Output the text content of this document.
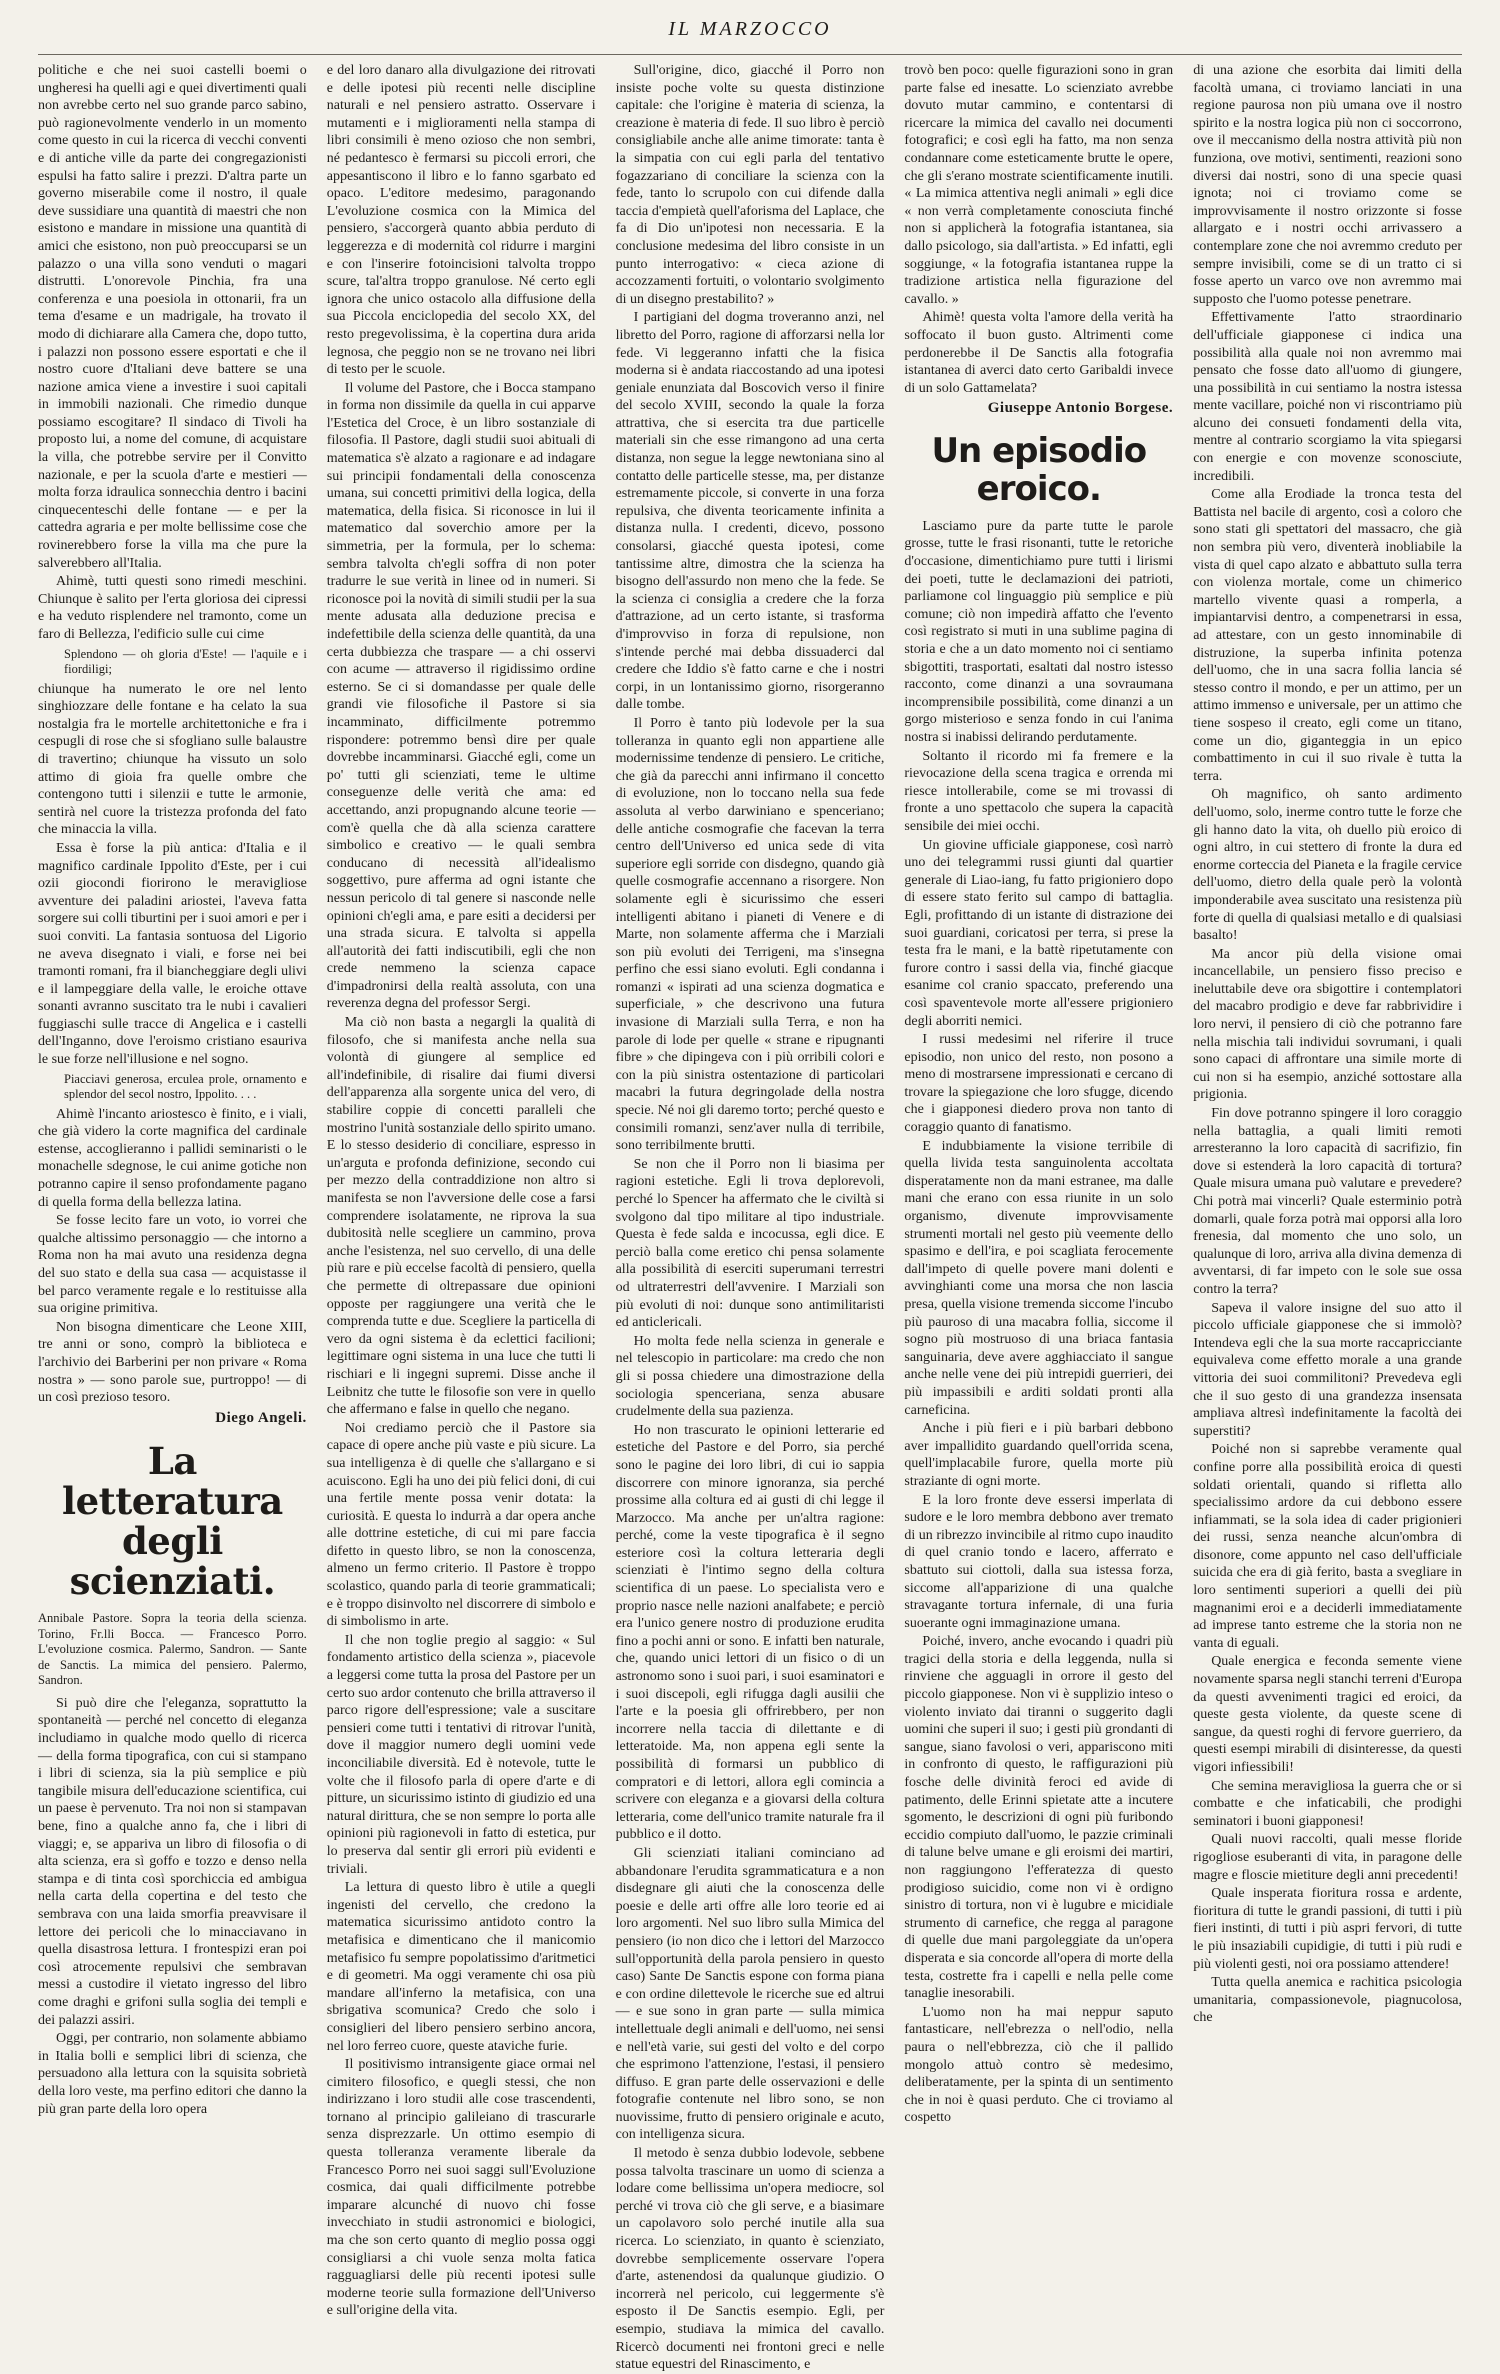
IL MARZOCCO

politiche e che nei suoi castelli boemi o ungheresi ha quelli agi e quei divertimenti quali non avrebbe certo nel suo grande parco sabino, può ragionevolmente venderlo in un momento come questo in cui la ricerca di vecchi conventi e di antiche ville da parte dei congregazionisti espulsi ha fatto salire i prezzi. D'altra parte un governo miserabile come il nostro, il quale deve sussidiare una quantità di maestri che non esistono e mandare in missione una quantità di amici che esistono, non può preoccuparsi se un palazzo o una villa sono venduti o magari distrutti. L'onorevole Pinchia, fra una conferenza e una poesiola in ottonarii, fra un tema d'esame e un madrigale, ha trovato il modo di dichiarare alla Camera che, dopo tutto, i palazzi non possono essere esportati e che il nostro cuore d'Italiani deve battere se una nazione amica viene a investire i suoi capitali in immobili nazionali. Che rimedio dunque possiamo escogitare? Il sindaco di Tivoli ha proposto lui, a nome del comune, di acquistare la villa, che potrebbe servire per il Convitto nazionale, e per la scuola d'arte e mestieri — molta forza idraulica sonnecchia dentro i bacini cinquecenteschi delle fontane — e per la cattedra agraria e per molte bellissime cose che rovinerebbero forse la villa ma che pure la salverebbero all'Italia.

Ahimè, tutti questi sono rimedi meschini. Chiunque è salito per l'erta gloriosa dei cipressi e ha veduto risplendere nel tramonto, come un faro di Bellezza, l'edificio sulle cui cime

Splendono — oh gloria d'Este! — l'aquile e i fiordiligi;

chiunque ha numerato le ore nel lento singhiozzare delle fontane e ha celato la sua nostalgia fra le mortelle architettoniche e fra i cespugli di rose che si sfogliano sulle balaustre di travertino; chiunque ha vissuto un solo attimo di gioia fra quelle ombre che contengono tutti i silenzii e tutte le armonie, sentirà nel cuore la tristezza profonda del fato che minaccia la villa.

Essa è forse la più antica: d'Italia e il magnifico cardinale Ippolito d'Este, per i cui ozii giocondi fiorirono le meravigliose avventure dei paladini ariostei, l'aveva fatta sorgere sui colli tiburtini per i suoi amori e per i suoi conviti. La fantasia sontuosa del Ligorio ne aveva disegnato i viali, e forse nei bei tramonti romani, fra il biancheggiare degli ulivi e il lampeggiare della valle, le eroiche ottave sonanti avranno suscitato tra le nubi i cavalieri fuggiaschi sulle tracce di Angelica e i castelli dell'Inganno, dove l'eroismo cristiano esauriva le sue forze nell'illusione e nel sogno.

Piacciavi generosa, erculea prole, ornamento e splendor del secol nostro, Ippolito. . . .

Ahimè l'incanto ariostesco è finito, e i viali, che già videro la corte magnifica del cardinale estense, accoglieranno i pallidi seminaristi o le monachelle sdegnose, le cui anime gotiche non potranno capire il senso profondamente pagano di quella forma della bellezza latina.

Se fosse lecito fare un voto, io vorrei che qualche altissimo personaggio — che intorno a Roma non ha mai avuto una residenza degna del suo stato e della sua casa — acquistasse il bel parco veramente regale e lo restituisse alla sua origine primitiva.

Non bisogna dimenticare che Leone XIII, tre anni or sono, comprò la biblioteca e l'archivio dei Barberini per non privare « Roma nostra » — sono parole sue, purtroppo! — di un così prezioso tesoro.

Diego Angeli.

La letteratura degli scienziati.

Annibale Pastore. Sopra la teoria della scienza. Torino, Fr.lli Bocca. — Francesco Porro. L'evoluzione cosmica. Palermo, Sandron. — Sante de Sanctis. La mimica del pensiero. Palermo, Sandron.

Si può dire che l'eleganza, soprattutto la spontaneità — perché nel concetto di eleganza includiamo in qualche modo quello di ricerca — della forma tipografica, con cui si stampano i libri di scienza, sia la più semplice e più tangibile misura dell'educazione scientifica, cui un paese è pervenuto. Tra noi non si stampavan bene, fino a qualche anno fa, che i libri di viaggi; e, se appariva un libro di filosofia o di alta scienza, era sì goffo e tozzo e denso nella stampa e di tinta così sporchiccia ed ambigua nella carta della copertina e del testo che sembrava con una laida smorfia preavvisare il lettore dei pericoli che lo minacciavano in quella disastrosa lettura. I frontespizi eran poi così atrocemente repulsivi che sembravan messi a custodire il vietato ingresso del libro come draghi e grifoni sulla soglia dei templi e dei palazzi assiri.

Oggi, per contrario, non solamente abbiamo in Italia bolli e semplici libri di scienza, che persuadono alla lettura con la squisita sobrietà della loro veste, ma perfino editori che danno la più gran parte della loro opera

e del loro danaro alla divulgazione dei ritrovati e delle ipotesi più recenti nelle discipline naturali e nel pensiero astratto. Osservare i mutamenti e i miglioramenti nella stampa di libri consimili è meno ozioso che non sembri, né pedantesco è fermarsi su piccoli errori, che appesantiscono il libro e lo fanno sgarbato ed opaco. L'editore medesimo, paragonando L'evoluzione cosmica con la Mimica del pensiero, s'accorgerà quanto abbia perduto di leggerezza e di modernità col ridurre i margini e con l'inserire fotoincisioni talvolta troppo scure, tal'altra troppo granulose. Né certo egli ignora che unico ostacolo alla diffusione della sua Piccola enciclopedia del secolo XX, del resto pregevolissima, è la copertina dura arida legnosa, che peggio non se ne trovano nei libri di testo per le scuole.

Il volume del Pastore, che i Bocca stampano in forma non dissimile da quella in cui apparve l'Estetica del Croce, è un libro sostanziale di filosofia. Il Pastore, dagli studii suoi abituali di matematica s'è alzato a ragionare e ad indagare sui principii fondamentali della conoscenza umana, sui concetti primitivi della logica, della matematica, della fisica. Si riconosce in lui il matematico dal soverchio amore per la simmetria, per la formula, per lo schema: sembra talvolta ch'egli soffra di non poter tradurre le sue verità in linee od in numeri. Si riconosce poi la novità di simili studii per la sua mente adusata alla deduzione precisa e indefettibile della scienza delle quantità, da una certa dubbiezza che traspare — a chi osservi con acume — attraverso il rigidissimo ordine esterno. Se ci si domandasse per quale delle grandi vie filosofiche il Pastore si sia incamminato, difficilmente potremmo rispondere: potremmo bensì dire per quale dovrebbe incamminarsi. Giacché egli, come un po' tutti gli scienziati, teme le ultime conseguenze delle verità che ama: ed accettando, anzi propugnando alcune teorie — com'è quella che dà alla scienza carattere simbolico e creativo — le quali sembra conducano di necessità all'idealismo soggettivo, pure afferma ad ogni istante che nessun pericolo di tal genere si nasconde nelle opinioni ch'egli ama, e pare esiti a decidersi per una strada sicura. E talvolta si appella all'autorità dei fatti indiscutibili, egli che non crede nemmeno la scienza capace d'impadronirsi della realtà assoluta, con una reverenza degna del professor Sergi.

Ma ciò non basta a negargli la qualità di filosofo, che si manifesta anche nella sua volontà di giungere al semplice ed all'indefinibile, di risalire dai fiumi diversi dell'apparenza alla sorgente unica del vero, di stabilire coppie di concetti paralleli che mostrino l'unità sostanziale dello spirito umano. E lo stesso desiderio di conciliare, espresso in un'arguta e profonda definizione, secondo cui per mezzo della contraddizione non altro si manifesta se non l'avversione delle cose a farsi comprendere isolatamente, ne riprova la sua dubitosità nelle scegliere un cammino, prova anche l'esistenza, nel suo cervello, di una delle più rare e più eccelse facoltà di pensiero, quella che permette di oltrepassare due opinioni opposte per raggiungere una verità che le comprenda tutte e due. Scegliere la particella di vero da ogni sistema è da eclettici facilioni; legittimare ogni sistema in una luce che tutti li rischiari e li ingegni supremi. Disse anche il Leibnitz che tutte le filosofie son vere in quello che affermano e false in quello che negano.

Noi crediamo perciò che il Pastore sia capace di opere anche più vaste e più sicure. La sua intelligenza è di quelle che s'allargano e si acuiscono. Egli ha uno dei più felici doni, di cui una fertile mente possa venir dotata: la curiosità. E questa lo indurrà a dar opera anche alle dottrine estetiche, di cui mi pare faccia difetto in questo libro, se non la conoscenza, almeno un fermo criterio. Il Pastore è troppo scolastico, quando parla di teorie grammaticali; e è troppo disinvolto nel discorrere di simbolo e di simbolismo in arte.

Il che non toglie pregio al saggio: « Sul fondamento artistico della scienza », piacevole a leggersi come tutta la prosa del Pastore per un certo suo ardor contenuto che brilla attraverso il parco rigore dell'espressione; vale a suscitare pensieri come tutti i tentativi di ritrovar l'unità, dove il maggior numero degli uomini vede inconciliabile diversità. Ed è notevole, tutte le volte che il filosofo parla di opere d'arte e di pitture, un sicurissimo istinto di giudizio ed una natural dirittura, che se non sempre lo porta alle opinioni più ragionevoli in fatto di estetica, pur lo preserva dal sentir gli errori più evidenti e triviali.

La lettura di questo libro è utile a quegli ingenisti del cervello, che credono la matematica sicurissimo antidoto contro la metafisica e dimenticano che il manicomio metafisico fu sempre popolatissimo d'aritmetici e di geometri. Ma oggi veramente chi osa più mandare all'inferno la metafisica, con una sbrigativa scomunica? Credo che solo i consiglieri del libero pensiero serbino ancora, nel loro ferreo cuore, queste ataviche furie.

Il positivismo intransigente giace ormai nel cimitero filosofico, e quegli stessi, che non indirizzano i loro studii alle cose trascendenti, tornano al principio galileiano di trascurarle senza disprezzarle. Un ottimo esempio di questa tolleranza veramente liberale da Francesco Porro nei suoi saggi sull'Evoluzione cosmica, dai quali difficilmente potrebbe imparare alcunché di nuovo chi fosse invecchiato in studii astronomici e biologici, ma che son certo quanto di meglio possa oggi consigliarsi a chi vuole senza molta fatica ragguagliarsi delle più recenti ipotesi sulle moderne teorie sulla formazione dell'Universo e sull'origine della vita.

Sull'origine, dico, giacché il Porro non insiste poche volte su questa distinzione capitale: che l'origine è materia di scienza, la creazione è materia di fede. Il suo libro è perciò consigliabile anche alle anime timorate: tanta è la simpatia con cui egli parla del tentativo fogazzariano di conciliare la scienza con la fede, tanto lo scrupolo con cui difende dalla taccia d'empietà quell'aforisma del Laplace, che fa di Dio un'ipotesi non necessaria. E la conclusione medesima del libro consiste in un punto interrogativo: « ciecа azione di accozzamenti fortuiti, o volontario svolgimento di un disegno prestabilito? »

I partigiani del dogma troveranno anzi, nel libretto del Porro, ragione di afforzarsi nella lor fede. Vi leggeranno infatti che la fisica moderna si è andata riaccostando ad una ipotesi geniale enunziata dal Boscovich verso il finire del secolo XVIII, secondo la quale la forza attrattiva, che si esercita tra due particelle materiali sin che esse rimangono ad una certa distanza, non segue la legge newtoniana sino al contatto delle particelle stesse, ma, per distanze estremamente piccole, si converte in una forza repulsiva, che diventa teoricamente infinita a distanza nulla. I credenti, dicevo, possono consolarsi, giacché questa ipotesi, come tantissime altre, dimostra che la scienza ha bisogno dell'assurdo non meno che la fede. Se la scienza ci consiglia a credere che la forza d'attrazione, ad un certo istante, si trasforma d'improvviso in forza di repulsione, non s'intende perché mai debba dissuaderci dal credere che Iddio s'è fatto carne e che i nostri corpi, in un lontanissimo giorno, risorgeranno dalle tombe.

Il Porro è tanto più lodevole per la sua tolleranza in quanto egli non appartiene alle modernissime tendenze di pensiero. Le critiche, che già da parecchi anni infirmano il concetto di evoluzione, non lo toccano nella sua fede assoluta al verbo darwiniano e spenceriano; delle antiche cosmografie che facevan la terra centro dell'Universo ed unica sede di vita superiore egli sorride con disdegno, quando già quelle cosmografie accennano a risorgere. Non solamente egli è sicurissimo che esseri intelligenti abitano i pianeti di Venere e di Marte, non solamente afferma che i Marziali son più evoluti dei Terrigeni, ma s'insegna perfino che essi siano evoluti. Egli condanna i romanzi « ispirati ad una scienza dogmatica e superficiale, » che descrivono una futura invasione di Marziali sulla Terra, e non ha parole di lode per quelle « strane e ripugnanti fibre » che dipingeva con i più orribili colori e con la più sinistra ostentazione di particolari macabri la futura degringolade della nostra specie. Né noi gli daremo torto; perché questo e consimili romanzi, senz'aver nulla di terribile, sono terribilmente brutti.

Se non che il Porro non li biasima per ragioni estetiche. Egli li trova deplorevoli, perché lo Spencer ha affermato che le civiltà si svolgono dal tipo militare al tipo industriale. Questa è fede salda e incocussa, egli dice. E perciò balla come eretico chi pensa solamente alla possibilità di eserciti superumani terrestri od ultraterrestri dell'avvenire. I Marziali son più evoluti di noi: dunque sono antimilitaristi ed anticlericali.

Ho molta fede nella scienza in generale e nel telescopio in particolare: ma credo che non gli si possa chiedere una dimostrazione della sociologia spenceriana, senza abusare crudelmente della sua pazienza.

Ho non trascurato le opinioni letterarie ed estetiche del Pastore e del Porro, sia perché sono le pagine dei loro libri, di cui io sappia discorrere con minore ignoranza, sia perché prossime alla coltura ed ai gusti di chi legge il Marzocco. Ma anche per un'altra ragione: perché, come la veste tipografica è il segno esteriore così la coltura letteraria degli scienziati è l'intimo segno della coltura scientifica di un paese. Lo specialista vero e proprio nasce nelle nazioni analfabete; e perciò era l'unico genere nostro di produzione erudita fino a pochi anni or sono. E infatti ben naturale, che, quando unici lettori di un fisico o di un astronomo sono i suoi pari, i suoi esaminatori e i suoi discepoli, egli rifugga dagli ausilii che l'arte e la poesia gli offrirebbero, per non incorrere nella taccia di dilettante e di letteratoide. Ma, non appena egli sente la possibilità di formarsi un pubblico di compratori e di lettori, allora egli comincia a scrivere con eleganza e a giovarsi della coltura letteraria, come dell'unico tramite naturale fra il pubblico e il dotto.

Gli scienziati italiani cominciano ad abbandonare l'erudita sgrammaticatura e a non disdegnare gli aiuti che la conoscenza delle poesie e delle arti offre alle loro teorie ed ai loro argomenti. Nel suo libro sulla Mimica del pensiero (io non dico che i lettori del Marzocco sull'opportunità della parola pensiero in questo caso) Sante De Sanctis espone con forma piana e con ordine dilettevole le ricerche sue ed altrui — e sue sono in gran parte — sulla mimica intellettuale degli animali e dell'uomo, nei sensi e nell'età varie, sui gesti del volto e del corpo che esprimono l'attenzione, l'estasi, il pensiero diffuso. E gran parte delle osservazioni e delle fotografie contenute nel libro sono, se non nuovissime, frutto di pensiero originale e acuto, con intelligenza sicura.

Il metodo è senza dubbio lodevole, sebbene possa talvolta trascinare un uomo di scienza a lodare come bellissima un'opera mediocre, sol perché vi trova ciò che gli serve, e a biasimare un capolavoro solo perché inutile alla sua ricerca. Lo scienziato, in quanto è scienziato, dovrebbe semplicemente osservare l'opera d'arte, astenendosi da qualunque giudizio. O incorrerà nel pericolo, cui leggermente s'è esposto il De Sanctis esempio. Egli, per esempio, studiava la mimica del cavallo. Ricercò documenti nei frontoni greci e nelle statue equestri del Rinascimento, e

trovò ben poco: quelle figurazioni sono in gran parte false ed inesatte. Lo scienziato avrebbe dovuto mutar cammino, e contentarsi di ricercare la mimica del cavallo nei documenti fotografici; e così egli ha fatto, ma non senza condannare come esteticamente brutte le opere, che gli s'erano mostrate scientificamente inutili. « La mimica attentiva negli animali » egli dice « non verrà completamente conosciuta finché non si applicherà la fotografia istantanea, sia dallo psicologo, sia dall'artista. » Ed infatti, egli soggiunge, « la fotografia istantanea ruppe la tradizione artistica nella figurazione del cavallo. »

Ahimè! questa volta l'amore della verità ha soffocato il buon gusto. Altrimenti come perdonerebbe il De Sanctis alla fotografia istantanea di averci dato certo Garibaldi invece di un solo Gattamelata?

Giuseppe Antonio Borgese.

Un episodio eroico.

Lasciamo pure da parte tutte le parole grosse, tutte le frasi risonanti, tutte le retoriche d'occasione, dimentichiamo pure tutti i lirismi dei poeti, tutte le declamazioni dei patrioti, parliamone col linguaggio più semplice e più comune; ciò non impedirà affatto che l'evento così registrato si muti in una sublime pagina di storia e che a un dato momento noi ci sentiamo sbigottiti, trasportati, esaltati dal nostro istesso racconto, come dinanzi a una sovraumana incomprensibile possibilità, come dinanzi a un gorgo misterioso e senza fondo in cui l'anima nostra si inabissi delirando perdutamente.

Soltanto il ricordo mi fa fremere e la rievocazione della scena tragica e orrenda mi riesce intollerabile, come se mi trovassi di fronte a uno spettacolo che supera la capacità sensibile dei miei occhi.

Un giovine ufficiale giapponese, così narrò uno dei telegrammi russi giunti dal quartier generale di Liao-iang, fu fatto prigioniero dopo di essere stato ferito sul campo di battaglia. Egli, profittando di un istante di distrazione dei suoi guardiani, coricatosi per terra, si prese la testa fra le mani, e la battè ripetutamente con furore contro i sassi della via, finché giacque esanime col cranio spaccato, preferendo una così spaventevole morte all'essere prigioniero degli aborriti nemici.

I russi medesimi nel riferire il truce episodio, non unico del resto, non posono a meno di mostrarsene impressionati e cercano di trovare la spiegazione che loro sfugge, dicendo che i giapponesi diedero prova non tanto di coraggio quanto di fanatismo.

E indubbiamente la visione terribile di quella livida testa sanguinolenta accoltata disperatamente non da mani estranee, ma dalle mani che erano con essa riunite in un solo organismo, divenute improvvisamente strumenti mortali nel gesto più veemente dello spasimo e dell'ira, e poi scagliata ferocemente dall'impeto di quelle povere mani dolenti e avvinghianti come una morsa che non lascia presa, quella visione tremenda siccome l'incubo più pauroso di una macabra follia, siccome il sogno più mostruoso di una briaca fantasia sanguinaria, deve avere agghiacciato il sangue anche nelle vene dei più intrepidi guerrieri, dei più impassibili e arditi soldati pronti alla carneficina.

Anche i più fieri e i più barbari debbono aver impallidito guardando quell'orrida scena, quell'implacabile furore, quella morte più straziante di ogni morte.

E la loro fronte deve essersi imperlata di sudore e le loro membra debbono aver tremato di un ribrezzo invincibile al ritmo cupo inaudito di quel cranio tondo e lacero, afferrato e sbattuto sui ciottoli, dalla sua istessa forza, siccome all'apparizione di una qualche stravagante tortura infernale, di una furia suoerante ogni immaginazione umana.

Poiché, invero, anche evocando i quadri più tragici della storia e della leggenda, nulla si rinviene che agguagli in orrore il gesto del piccolo giapponese. Non vi è supplizio inteso o violento inviato dai tiranni o suggerito dagli uomini che superi il suo; i gesti più grondanti di sangue, siano favolosi o veri, appariscono miti in confronto di questo, le raffigurazioni più fosche delle divinità feroci ed avide di patimento, delle Erinni spietate atte a incutere sgomento, le descrizioni di ogni più furibondo eccidio compiuto dall'uomo, le pazzie criminali di talune belve umane e gli eroismi dei martiri, non raggiungono l'efferatezza di questo prodigioso suicidio, come non vi è ordigno sinistro di tortura, non vi è lugubre e micidiale strumento di carnefice, che regga al paragone di quelle due mani pargoleggiate da un'opera disperata e sia concorde all'opera di morte della testa, costrette fra i capelli e nella pelle come tanaglie inesorabili.

L'uomo non ha mai neppur saputo fantasticare, nell'ebrezza o nell'odio, nella paura o nell'ebbrezza, ciò che il pallido mongolo attuò contro sè medesimo, deliberatamente, per la spinta di un sentimento che in noi è quasi perduto. Che ci troviamo al cospetto

di una azione che esorbita dai limiti della facoltà umana, ci troviamo lanciati in una regione paurosa non più umana ove il nostro spirito e la nostra logica più non ci soccorrono, ove il meccanismo della nostra attività più non funziona, ove motivi, sentimenti, reazioni sono diversi dai nostri, sono di una specie quasi ignota; noi ci troviamo come se improvvisamente il nostro orizzonte si fosse allargato e i nostri occhi arrivassero a contemplare zone che noi avremmo creduto per sempre invisibili, come se di un tratto ci si fosse aperto un varco ove non avremmo mai supposto che l'uomo potesse penetrare.

Effettivamente l'atto straordinario dell'ufficiale giapponese ci indica una possibilità alla quale noi non avremmo mai pensato che fosse dato all'uomo di giungere, una possibilità in cui sentiamo la nostra istessa mente vacillare, poiché non vi riscontriamo più alcuno dei consueti fondamenti della vita, mentre al contrario scorgiamo la vita spiegarsi con energie e con movenze sconosciute, incredibili.

Come alla Erodiade la tronca testa del Battista nel bacile di argento, così a coloro che sono stati gli spettatori del massacro, che già non sembra più vero, diventerà inobliabile la vista di quel capo alzato e abbattuto sulla terra con violenza mortale, come un chimerico martello vivente quasi a romperla, a impiantarvisi dentro, a compenetrarsi in essa, ad attestare, con un gesto innominabile di distruzione, la superba infinita potenza dell'uomo, che in una sacra follia lancia sé stesso contro il mondo, e per un attimo, per un attimo immenso e universale, per un attimo che tiene sospeso il creato, egli come un titano, come un dio, giganteggia in un epico combattimento in cui il suo rivale è tutta la terra.

Oh magnifico, oh santo ardimento dell'uomo, solo, inerme contro tutte le forze che gli hanno dato la vita, oh duello più eroico di ogni altro, in cui stettero di fronte la dura ed enorme corteccia del Pianeta e la fragile cervice dell'uomo, dietro della quale però la volontà imponderabile avea suscitato una resistenza più forte di quella di qualsiasi metallo e di qualsiasi basalto!

Ma ancor più della visione omai incancellabile, un pensiero fisso preciso e ineluttabile deve ora sbigottire i contemplatori del macabro prodigio e deve far rabbrividire i loro nervi, il pensiero di ciò che potranno fare nella mischia tali individui sovrumani, i quali sono capaci di affrontare una simile morte di cui non si ha esempio, anziché sottostare alla prigionia.

Fin dove potranno spingere il loro coraggio nella battaglia, a quali limiti remoti arresteranno la loro capacità di sacrifizio, fin dove si estenderà la loro capacità di tortura? Quale misura umana può valutare e prevedere? Chi potrà mai vincerli? Quale esterminio potrà domarli, quale forza potrà mai opporsi alla loro frenesia, dal momento che uno solo, un qualunque di loro, arriva alla divina demenza di avventarsi, di far impeto con le sole sue ossa contro la terra?

Sapeva il valore insigne del suo atto il piccolo ufficiale giapponese che si immolò? Intendeva egli che la sua morte raccapricciante equivaleva come effetto morale a una grande vittoria dei suoi commilitoni? Prevedeva egli che il suo gesto di una grandezza insensata ampliava altresì indefinitamente la facoltà dei superstiti?

Poiché non si saprebbe veramente qual confine porre alla possibilità eroica di questi soldati orientali, quando si rifletta allo specialissimo ardore da cui debbono essere infiammati, se la sola idea di cader prigionieri dei russi, senza neanche alcun'ombra di disonore, come appunto nel caso dell'ufficiale suicida che era di già ferito, basta a svegliare in loro sentimenti superiori a quelli dei più magnanimi eroi e a deciderli immediatamente ad imprese tanto estreme che la storia non ne vanta di eguali.

Quale energica e feconda semente viene novamente sparsa negli stanchi terreni d'Europa da questi avvenimenti tragici ed eroici, da queste gesta violente, da queste scene di sangue, da questi roghi di fervore guerriero, da questi esempi mirabili di disinteresse, da questi vigori infiessibili!

Che semina meravigliosa la guerra che or si combatte e che infaticabili, che prodighi seminatori i buoni giapponesi!

Quali nuovi raccolti, quali messe floride rigogliose esuberanti di vita, in paragone delle magre e floscie mietiture degli anni precedenti!

Quale insperata fioritura rossa e ardente, fioritura di tutte le grandi passioni, di tutti i più fieri instinti, di tutti i più aspri fervori, di tutte le più insaziabili cupidigie, di tutti i più rudi e più violenti gesti, noi ora possiamo attendere!

Tutta quella anemica e rachitica psicologia umanitaria, compassionevole, piagnucolosa, che
